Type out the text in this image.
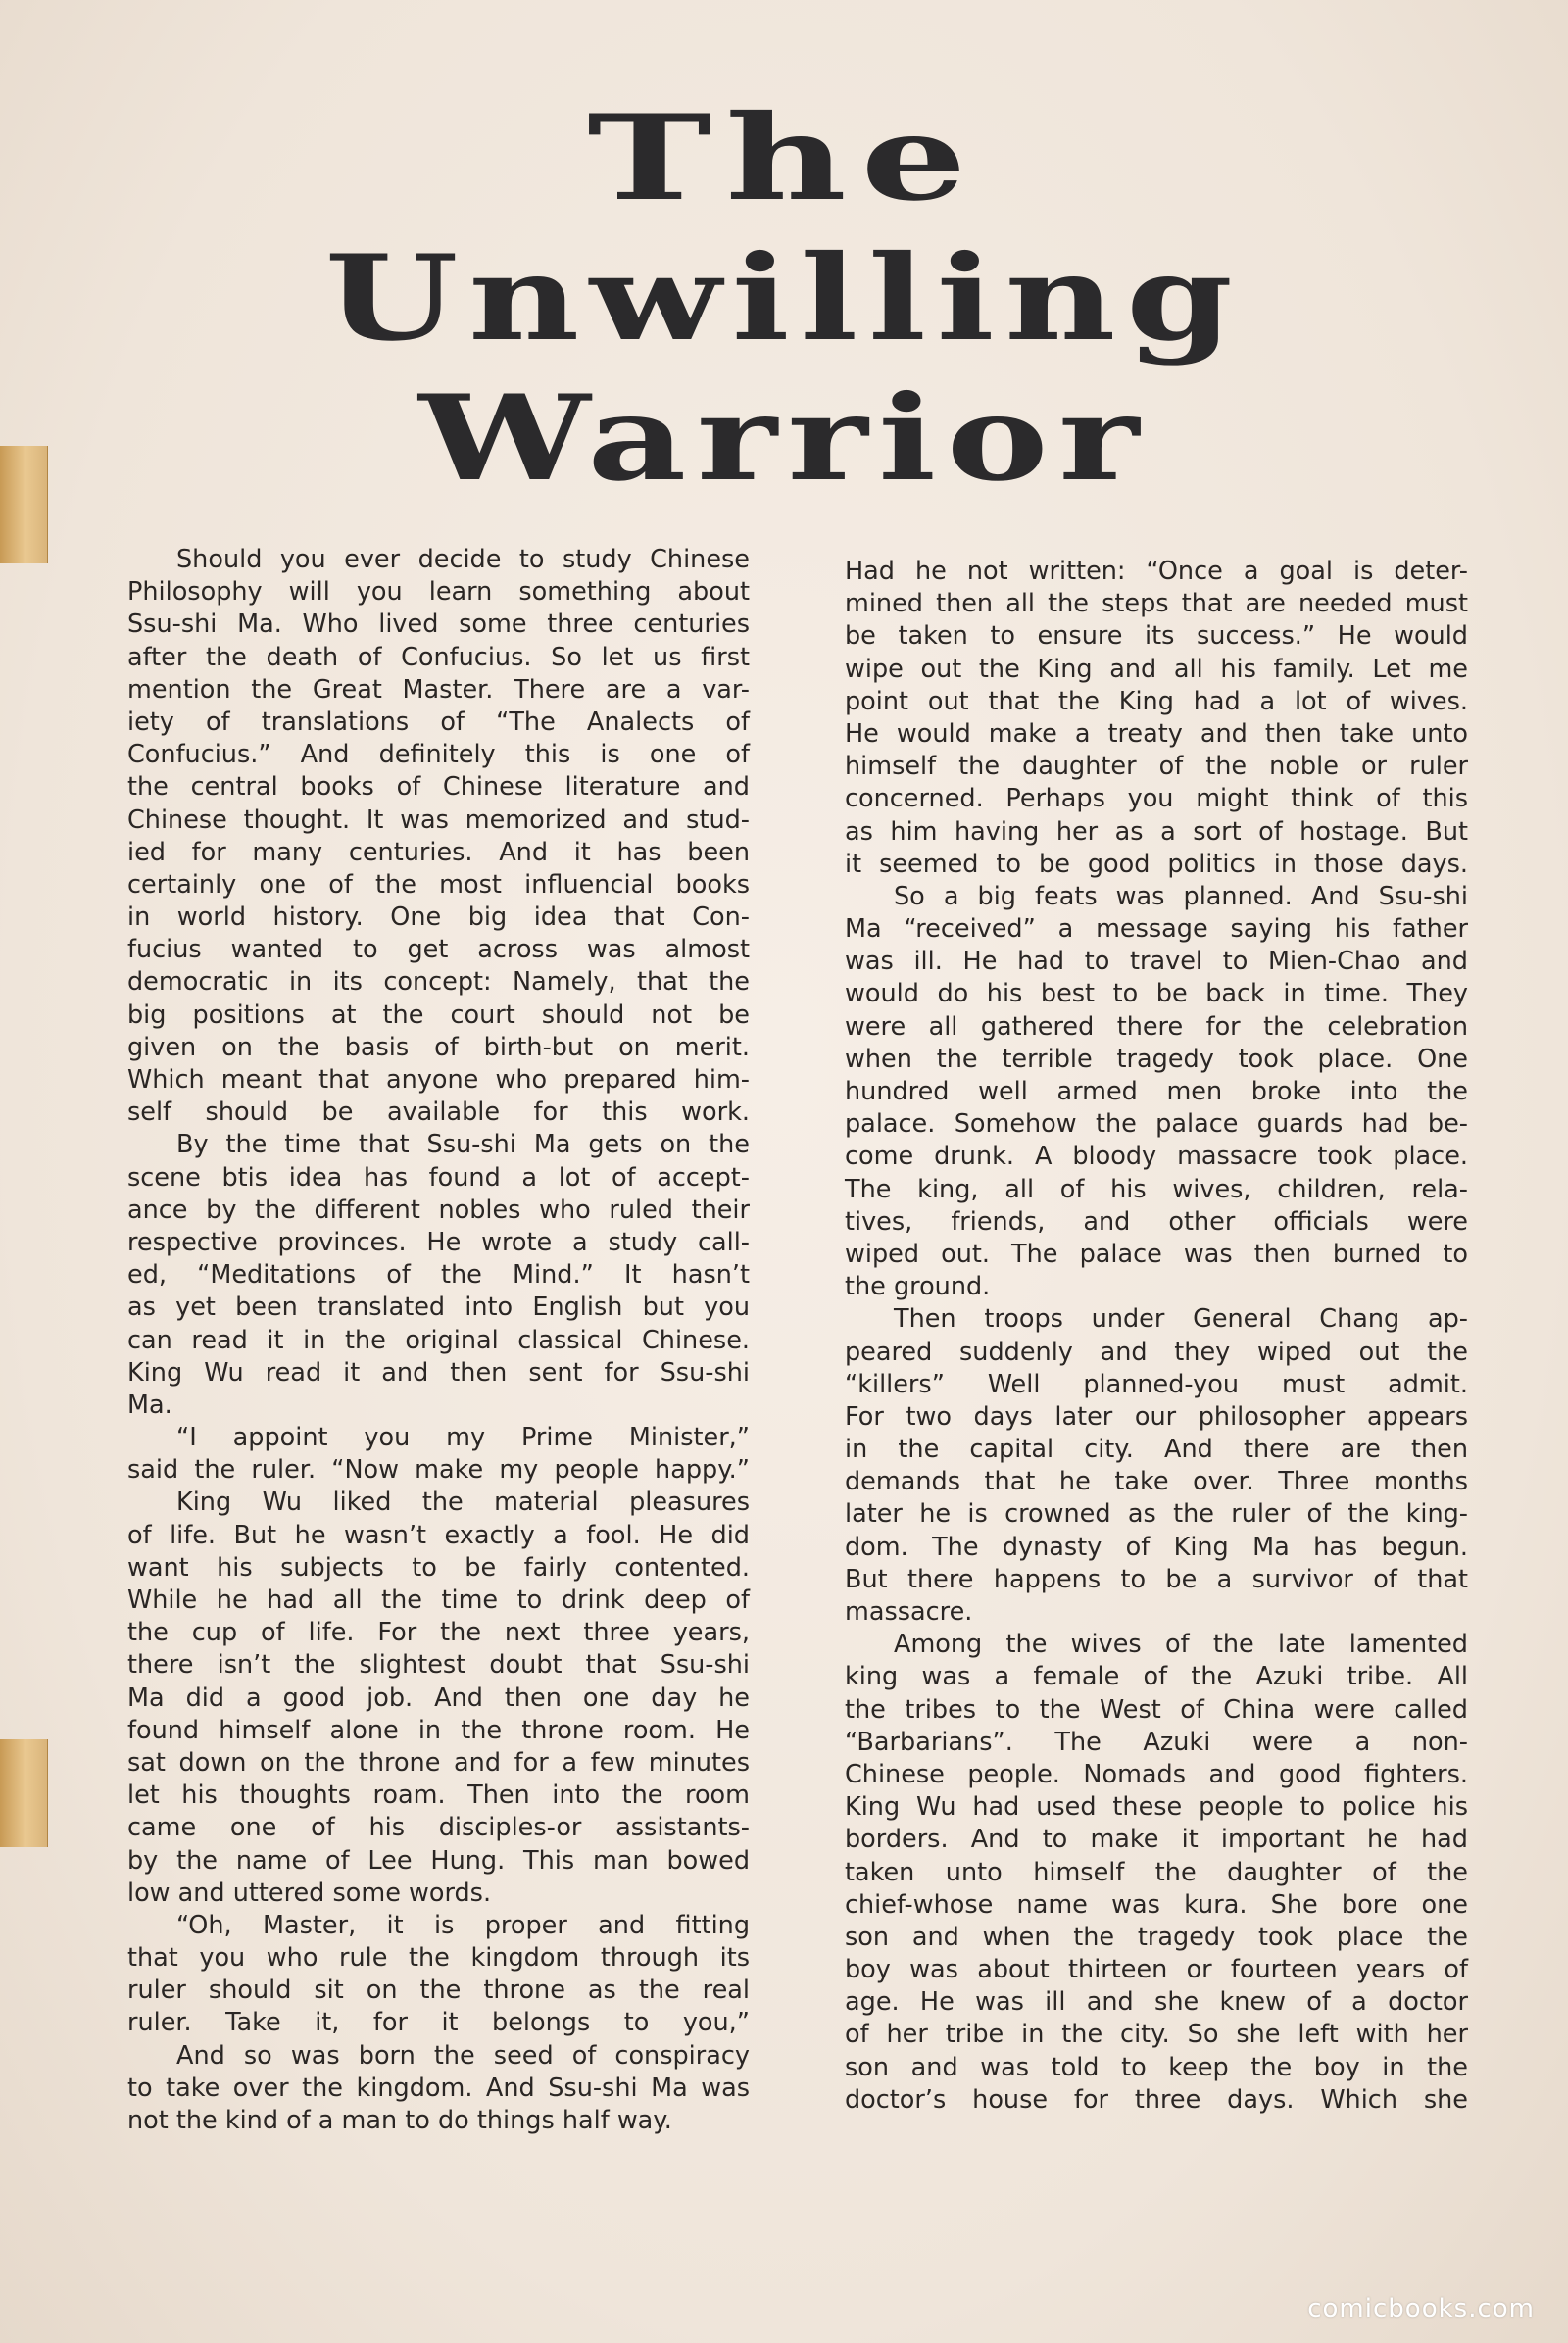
The
Unwilling
Warrior
Should you ever decide to study Chinese
Philosophy will you learn something about
Ssu-shi Ma. Who lived some three centuries
after the death of Confucius. So let us first
mention the Great Master. There are a var-
iety of translations of “The Analects of
Confucius.” And definitely this is one of
the central books of Chinese literature and
Chinese thought. It was memorized and stud-
ied for many centuries. And it has been
certainly one of the most influencial books
in world history. One big idea that Con-
fucius wanted to get across was almost
democratic in its concept: Namely, that the
big positions at the court should not be
given on the basis of birth-but on merit.
Which meant that anyone who prepared him-
self should be available for this work.
By the time that Ssu-shi Ma gets on the
scene btis idea has found a lot of accept-
ance by the different nobles who ruled their
respective provinces. He wrote a study call-
ed, “Meditations of the Mind.” It hasn’t
as yet been translated into English but you
can read it in the original classical Chinese.
King Wu read it and then sent for Ssu-shi
Ma.
“I appoint you my Prime Minister,”
said the ruler. “Now make my people happy.”
King Wu liked the material pleasures
of life. But he wasn’t exactly a fool. He did
want his subjects to be fairly contented.
While he had all the time to drink deep of
the cup of life. For the next three years,
there isn’t the slightest doubt that Ssu-shi
Ma did a good job. And then one day he
found himself alone in the throne room. He
sat down on the throne and for a few minutes
let his thoughts roam. Then into the room
came one of his disciples-or assistants-
by the name of Lee Hung. This man bowed
low and uttered some words.
“Oh, Master, it is proper and fitting
that you who rule the kingdom through its
ruler should sit on the throne as the real
ruler. Take it, for it belongs to you,”
And so was born the seed of conspiracy
to take over the kingdom. And Ssu-shi Ma was
not the kind of a man to do things half way.
Had he not written: “Once a goal is deter-
mined then all the steps that are needed must
be taken to ensure its success.” He would
wipe out the King and all his family. Let me
point out that the King had a lot of wives.
He would make a treaty and then take unto
himself the daughter of the noble or ruler
concerned. Perhaps you might think of this
as him having her as a sort of hostage. But
it seemed to be good politics in those days.
So a big feats was planned. And Ssu-shi
Ma “received” a message saying his father
was ill. He had to travel to Mien-Chao and
would do his best to be back in time. They
were all gathered there for the celebration
when the terrible tragedy took place. One
hundred well armed men broke into the
palace. Somehow the palace guards had be-
come drunk. A bloody massacre took place.
The king, all of his wives, children, rela-
tives, friends, and other officials were
wiped out. The palace was then burned to
the ground.
Then troops under General Chang ap-
peared suddenly and they wiped out the
“killers” Well planned-you must admit.
For two days later our philosopher appears
in the capital city. And there are then
demands that he take over. Three months
later he is crowned as the ruler of the king-
dom. The dynasty of King Ma has begun.
But there happens to be a survivor of that
massacre.
Among the wives of the late lamented
king was a female of the Azuki tribe. All
the tribes to the West of China were called
“Barbarians”. The Azuki were a non-
Chinese people. Nomads and good fighters.
King Wu had used these people to police his
borders. And to make it important he had
taken unto himself the daughter of the
chief-whose name was kura. She bore one
son and when the tragedy took place the
boy was about thirteen or fourteen years of
age. He was ill and she knew of a doctor
of her tribe in the city. So she left with her
son and was told to keep the boy in the
doctor’s house for three days. Which she
comicbooks.com
